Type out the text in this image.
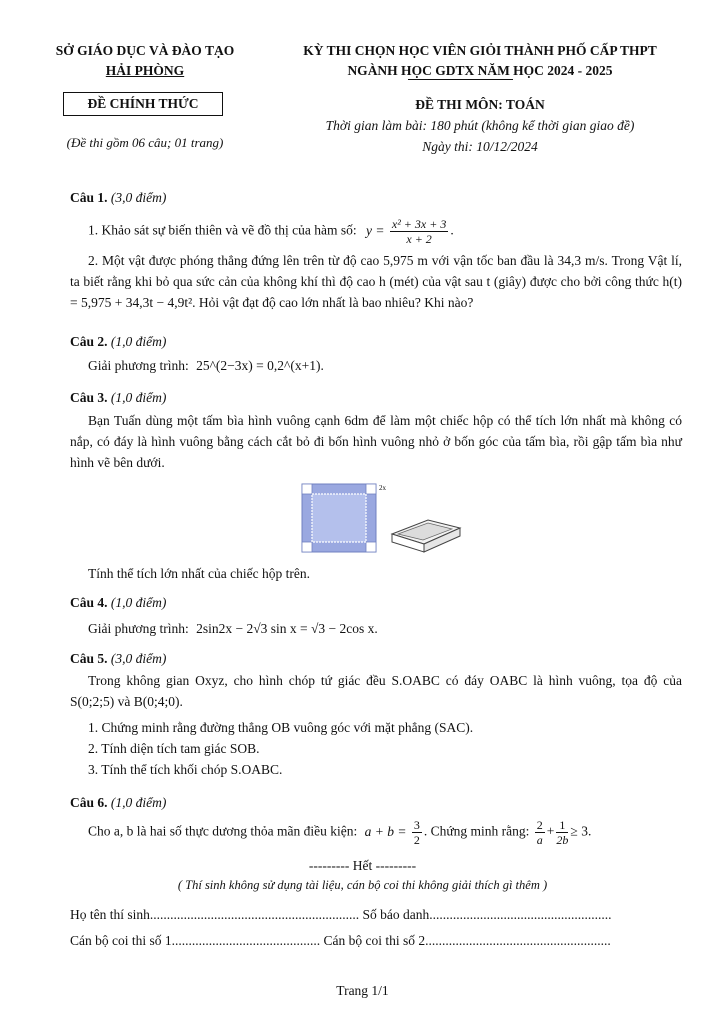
SỞ GIÁO DỤC VÀ ĐÀO TẠO
HẢI PHÒNG
ĐỀ CHÍNH THỨC
(Đề thi gồm 06 câu; 01 trang)
KỲ THI CHỌN HỌC VIÊN GIỎI THÀNH PHỐ CẤP THPT
NGÀNH HỌC GDTX NĂM HỌC 2024 - 2025
ĐỀ THI MÔN: TOÁN
Thời gian làm bài: 180 phút (không kể thời gian giao đề)
Ngày thi: 10/12/2024
Câu 1. (3,0 điểm)
1. Khảo sát sự biến thiên và vẽ đồ thị của hàm số: $y = \frac{\text{x² + 3x + 3}}{x + 2}$ .
2. Một vật được phóng thẳng đứng lên trên từ độ cao 5,975 m với vận tốc ban đầu là 34,3 m/s. Trong Vật lí, ta biết rằng khi bỏ qua sức cản của không khí thì độ cao h (mét) của vật sau t (giây) được cho bởi công thức h(t) = 5,975 + 34,3t − 4,9t². Hỏi vật đạt độ cao lớn nhất là bao nhiêu? Khi nào?
Câu 2. (1,0 điểm)
Giải phương trình: 25^(2−3x) = 0,2^(x+1).
Câu 3. (1,0 điểm)
Bạn Tuấn dùng một tấm bìa hình vuông cạnh 6dm để làm một chiếc hộp có thể tích lớn nhất mà không có nắp, có đáy là hình vuông bằng cách cắt bỏ đi bốn hình vuông nhỏ ở bốn góc của tấm bìa, rồi gập tấm bìa như hình vẽ bên dưới.
2x
Tính thể tích lớn nhất của chiếc hộp trên.
Câu 4. (1,0 điểm)
Giải phương trình: 2sin2x − 2√3 sin x = √3 − 2cos x.
Câu 5. (3,0 điểm)
Trong không gian Oxyz, cho hình chóp tứ giác đều S.OABC có đáy OABC là hình vuông, tọa độ của S(0;2;5) và B(0;4;0).
1. Chứng minh rằng đường thẳng OB vuông góc với mặt phẳng (SAC).
2. Tính diện tích tam giác SOB.
3. Tính thể tích khối chóp S.OABC.
Câu 6. (1,0 điểm)
Cho a, b là hai số thực dương thỏa mãn điều kiện: $a + b = \frac{3}{2}$ . Chứng minh rằng: $\frac{2}{a} + \frac{1}{2b} \ge 3$.
--------- Hết ---------
( Thí sinh không sử dụng tài liệu, cán bộ coi thi không giải thích gì thêm )
Họ tên thí sinh.............................................................. Số báo danh......................................................
Cán bộ coi thi số 1............................................ Cán bộ coi thi số 2.......................................................
Trang 1/1
